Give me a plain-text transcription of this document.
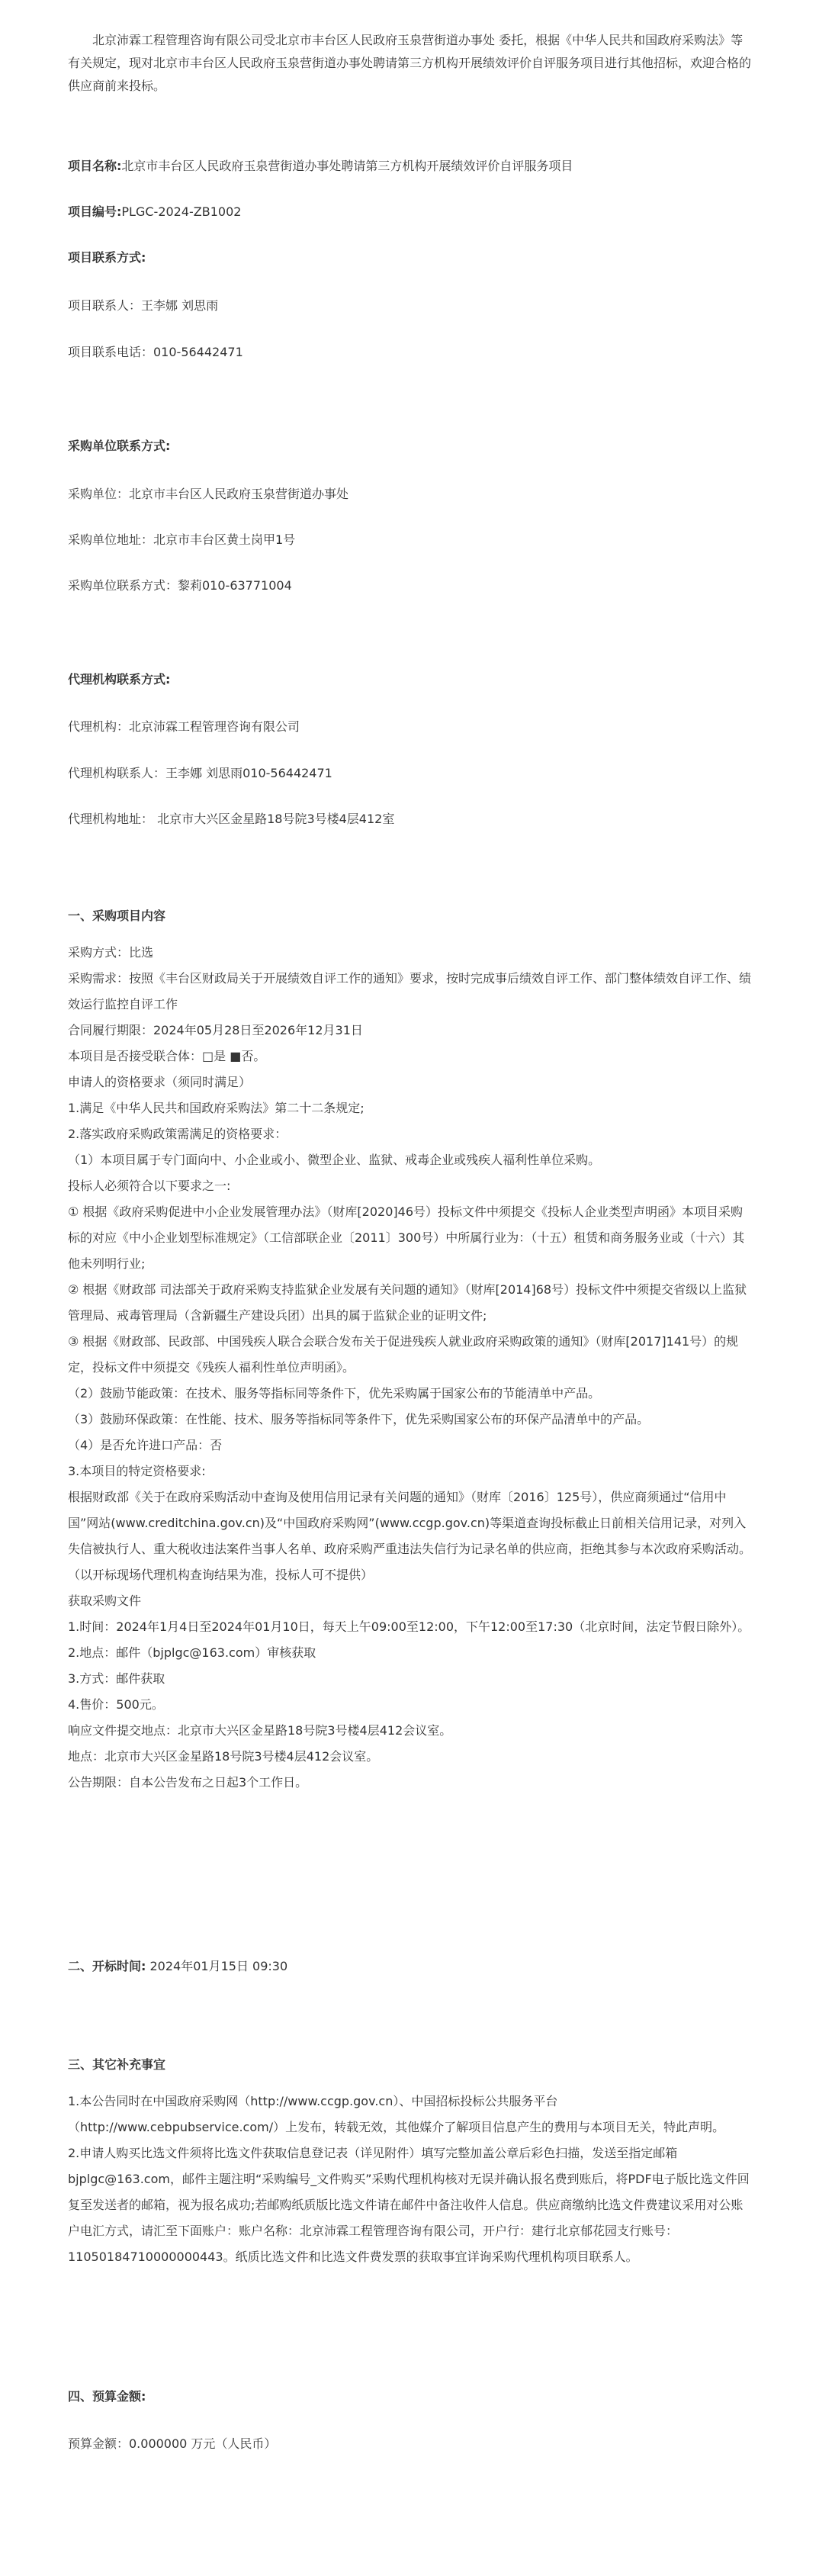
北京沛霖工程管理咨询有限公司受北京市丰台区人民政府玉泉营街道办事处 委托，根据《中华人民共和国政府采购法》等有关规定，现对北京市丰台区人民政府玉泉营街道办事处聘请第三方机构开展绩效评价自评服务项目进行其他招标，欢迎合格的供应商前来投标。

项目名称:北京市丰台区人民政府玉泉营街道办事处聘请第三方机构开展绩效评价自评服务项目

项目编号:PLGC-2024-ZB1002

项目联系方式:

项目联系人：王李娜 刘思雨

项目联系电话：010-56442471

采购单位联系方式:

采购单位：北京市丰台区人民政府玉泉营街道办事处

采购单位地址：北京市丰台区黄土岗甲1号

采购单位联系方式：黎莉010-63771004

代理机构联系方式:

代理机构：北京沛霖工程管理咨询有限公司

代理机构联系人：王李娜 刘思雨010-56442471

代理机构地址： 北京市大兴区金星路18号院3号楼4层412室

一、采购项目内容

采购方式：比选
采购需求：按照《丰台区财政局关于开展绩效自评工作的通知》要求，按时完成事后绩效自评工作、部门整体绩效自评工作、绩效运行监控自评工作
合同履行期限：2024年05月28日至2026年12月31日
本项目是否接受联合体：□是 ■否。
申请人的资格要求（须同时满足）
1.满足《中华人民共和国政府采购法》第二十二条规定;
2.落实政府采购政策需满足的资格要求：
（1）本项目属于专门面向中、小企业或小、微型企业、监狱、戒毒企业或残疾人福利性单位采购。
投标人必须符合以下要求之一:
① 根据《政府采购促进中小企业发展管理办法》（财库[2020]46号）投标文件中须提交《投标人企业类型声明函》本项目采购标的对应《中小企业划型标准规定》（工信部联企业〔2011〕300号）中所属行业为：（十五）租赁和商务服务业或（十六）其他未列明行业;
② 根据《财政部 司法部关于政府采购支持监狱企业发展有关问题的通知》（财库[2014]68号）投标文件中须提交省级以上监狱管理局、戒毒管理局（含新疆生产建设兵团）出具的属于监狱企业的证明文件;
③ 根据《财政部、民政部、中国残疾人联合会联合发布关于促进残疾人就业政府采购政策的通知》（财库[2017]141号）的规定，投标文件中须提交《残疾人福利性单位声明函》。
（2）鼓励节能政策：在技术、服务等指标同等条件下，优先采购属于国家公布的节能清单中产品。
（3）鼓励环保政策：在性能、技术、服务等指标同等条件下，优先采购国家公布的环保产品清单中的产品。
（4）是否允许进口产品：否
3.本项目的特定资格要求:
根据财政部《关于在政府采购活动中查询及使用信用记录有关问题的通知》（财库〔2016〕125号），供应商须通过“信用中国”网站(www.creditchina.gov.cn)及“中国政府采购网”(www.ccgp.gov.cn)等渠道查询投标截止日前相关信用记录，对列入失信被执行人、重大税收违法案件当事人名单、政府采购严重违法失信行为记录名单的供应商，拒绝其参与本次政府采购活动。（以开标现场代理机构查询结果为准，投标人可不提供）
获取采购文件
1.时间：2024年1月4日至2024年01月10日，每天上午09:00至12:00，下午12:00至17:30（北京时间，法定节假日除外）。
2.地点：邮件（bjplgc@163.com）审核获取
3.方式：邮件获取
4.售价：500元。
响应文件提交地点：北京市大兴区金星路18号院3号楼4层412会议室。
地点：北京市大兴区金星路18号院3号楼4层412会议室。
公告期限：自本公告发布之日起3个工作日。

二、开标时间: 2024年01月15日 09:30

三、其它补充事宜

1.本公告同时在中国政府采购网（http://www.ccgp.gov.cn）、中国招标投标公共服务平台（http://www.cebpubservice.com/）上发布，转载无效，其他媒介了解项目信息产生的费用与本项目无关，特此声明。
2.申请人购买比选文件须将比选文件获取信息登记表（详见附件）填写完整加盖公章后彩色扫描，发送至指定邮箱bjplgc@163.com，邮件主题注明“采购编号_文件购买”采购代理机构核对无误并确认报名费到账后，将PDF电子版比选文件回复至发送者的邮箱，视为报名成功;若邮购纸质版比选文件请在邮件中备注收件人信息。供应商缴纳比选文件费建议采用对公账户电汇方式，请汇至下面账户：账户名称：北京沛霖工程管理咨询有限公司，开户行：建行北京郁花园支行账号：11050184710000000443。纸质比选文件和比选文件费发票的获取事宜详询采购代理机构项目联系人。

四、预算金额:

预算金额：0.000000 万元（人民币）
